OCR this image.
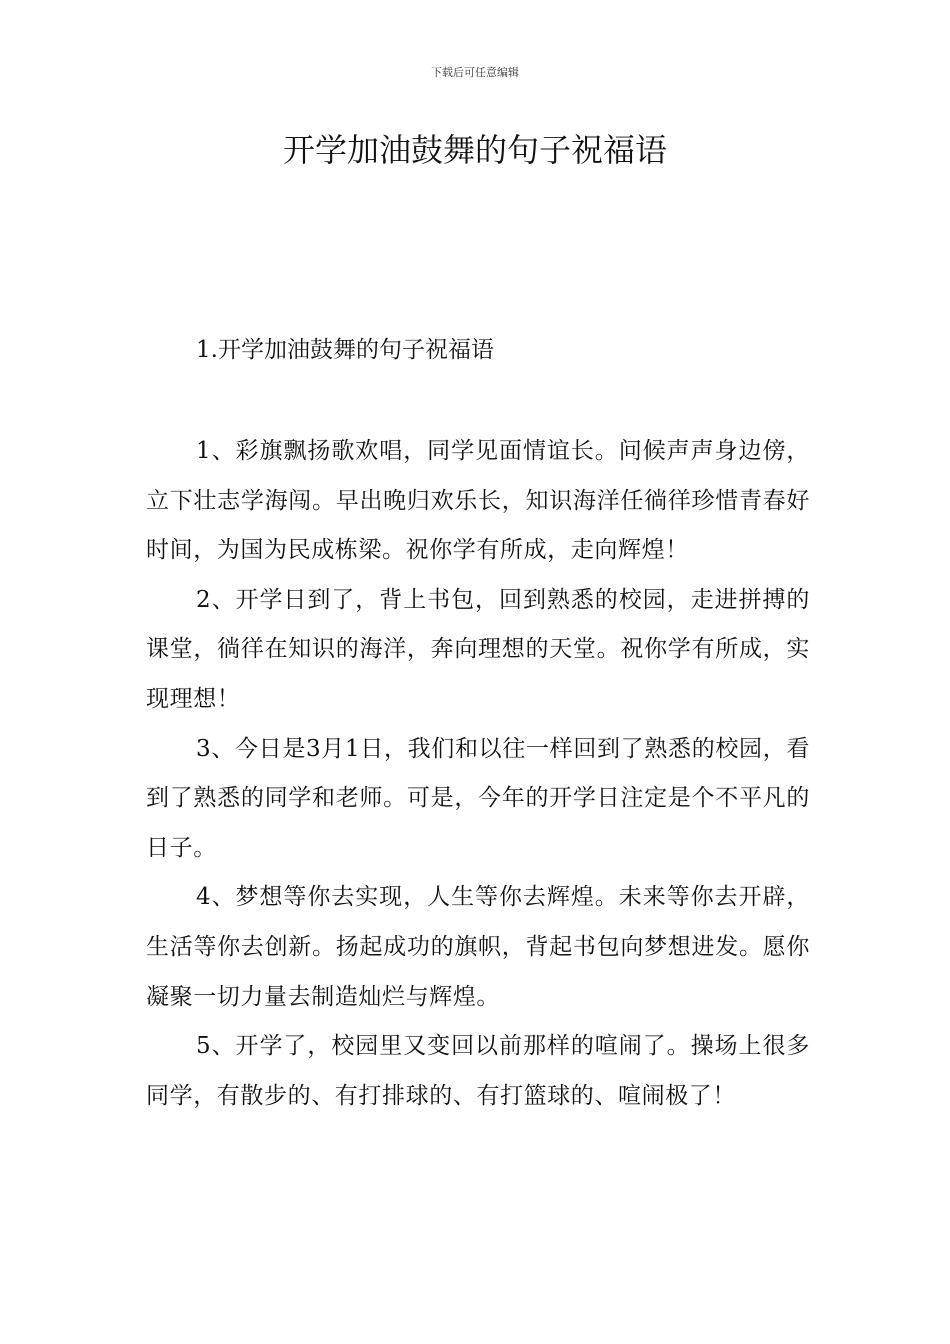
下载后可任意编辑
开学加油鼓舞的句子祝福语
1.开学加油鼓舞的句子祝福语

1、彩旗飘扬歌欢唱，同学见面情谊长。问候声声身边傍，立下壮志学海闯。早出晚归欢乐长，知识海洋任徜徉珍惜青春好时间，为国为民成栋梁。祝你学有所成，走向辉煌！

2、开学日到了，背上书包，回到熟悉的校园，走进拼搏的课堂，徜徉在知识的海洋，奔向理想的天堂。祝你学有所成，实现理想！

3、今日是3月1日，我们和以往一样回到了熟悉的校园，看到了熟悉的同学和老师。可是，今年的开学日注定是个不平凡的日子。

4、梦想等你去实现，人生等你去辉煌。未来等你去开辟，生活等你去创新。扬起成功的旗帜，背起书包向梦想进发。愿你凝聚一切力量去制造灿烂与辉煌。

5、开学了，校园里又变回以前那样的喧闹了。操场上很多同学，有散步的、有打排球的、有打篮球的、喧闹极了！
